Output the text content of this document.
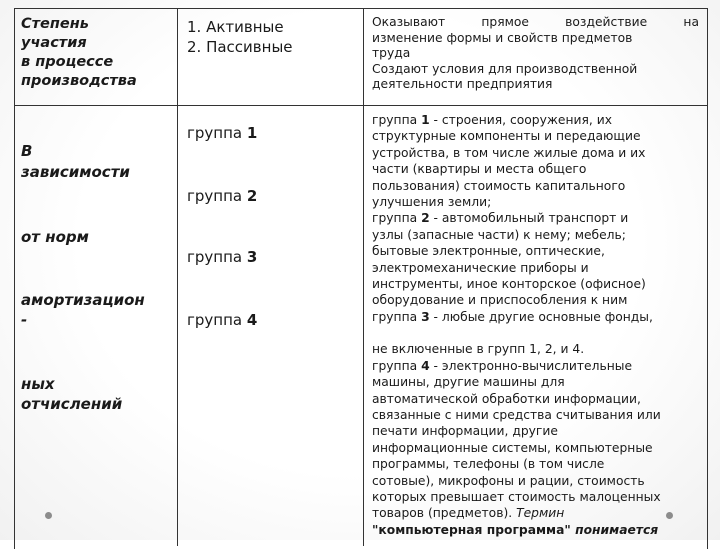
Степень
участия
в процессе
производства
1. Активные
2. Пассивные

Оказывают прямое воздействие на

изменение формы и свойств предметов

труда

Создают условия для производственной

деятельности предприятия

В
зависимости
от норм
амортизацион
-
ных
отчислений
группа 1
группа 2
группа 3
группа 4

группа 1 - строения, сооружения, их

структурные компоненты и передающие

устройства, в том числе жилые дома и их

части (квартиры и места общего

пользования) стоимость капитального

улучшения земли;

группа 2 - автомобильный транспорт и

узлы (запасные части) к нему; мебель;

бытовые электронные, оптические,

электромеханические приборы и

инструменты, иное конторское (офисное)

оборудование и приспособления к ним

группа 3 - любые другие основные фонды,

не включенные в групп 1, 2, и 4.

группа 4 - электронно-вычислительные

машины, другие машины для

автоматической обработки информации,

связанные с ними средства считывания или

печати информации, другие

информационные системы, компьютерные

программы, телефоны (в том числе

сотовые), микрофоны и рации, стоимость

которых превышает стоимость малоценных

товаров (предметов). Термин

"компьютерная программа" понимается
